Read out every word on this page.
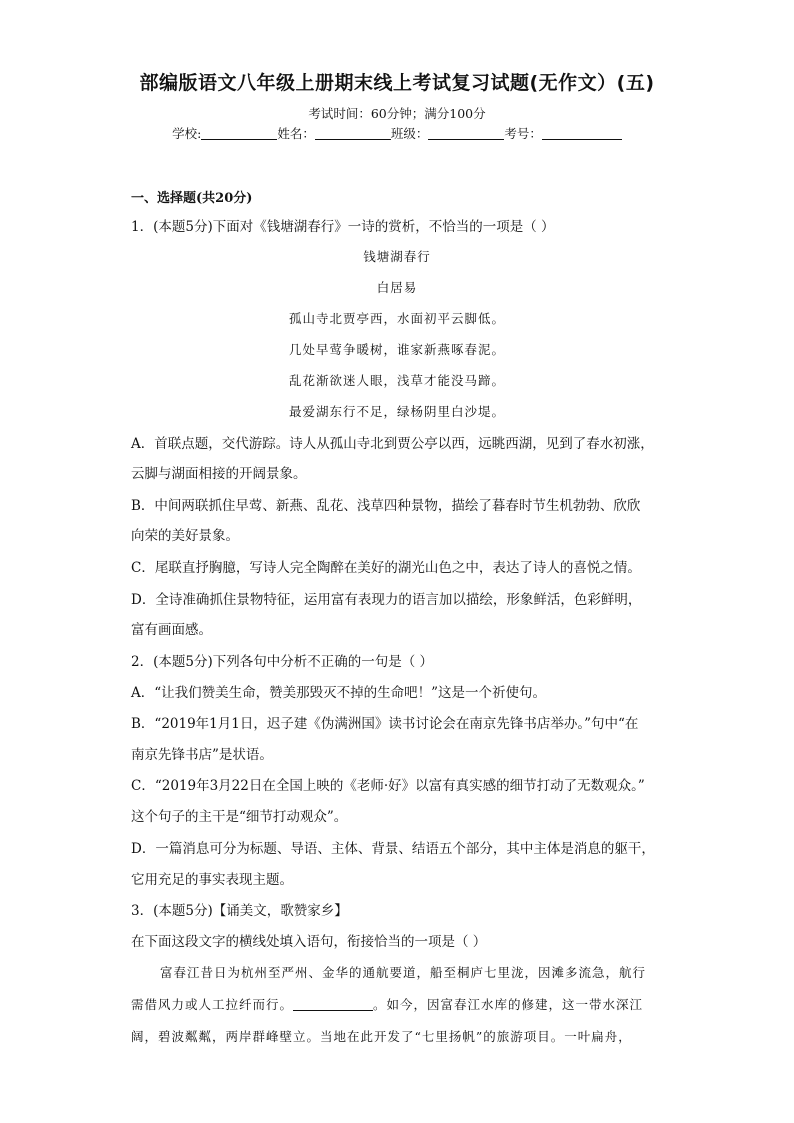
部编版语文八年级上册期末线上考试复习试题(无作文）(五)
考试时间：60分钟；满分100分
学校:	姓名：	班级：	考号：
一、选择题(共20分)
1．(本题5分)下面对《钱塘湖春行》一诗的赏析，不恰当的一项是（ ）
钱塘湖春行
白居易
孤山寺北贾亭西，水面初平云脚低。
几处早莺争暖树，谁家新燕啄春泥。
乱花渐欲迷人眼，浅草才能没马蹄。
最爱湖东行不足，绿杨阴里白沙堤。
A．首联点题，交代游踪。诗人从孤山寺北到贾公亭以西，远眺西湖，见到了春水初涨，
云脚与湖面相接的开阔景象。
B．中间两联抓住早莺、新燕、乱花、浅草四种景物，描绘了暮春时节生机勃勃、欣欣
向荣的美好景象。
C．尾联直抒胸臆，写诗人完全陶醉在美好的湖光山色之中，表达了诗人的喜悦之情。
D．全诗准确抓住景物特征，运用富有表现力的语言加以描绘，形象鲜活，色彩鲜明，
富有画面感。
2．(本题5分)下列各句中分析不正确的一句是（ ）
A．“让我们赞美生命，赞美那毁灭不掉的生命吧！”这是一个祈使句。
B．“2019年1月1日，迟子建《伪满洲国》读书讨论会在南京先锋书店举办。”句中“在
南京先锋书店”是状语。
C．“2019年3月22日在全国上映的《老师·好》以富有真实感的细节打动了无数观众。”
这个句子的主干是“细节打动观众”。
D．一篇消息可分为标题、导语、主体、背景、结语五个部分，其中主体是消息的躯干，
它用充足的事实表现主题。
3．(本题5分)【诵美文，歌赞家乡】
在下面这段文字的横线处填入语句，衔接恰当的一项是（ ）
富春江昔日为杭州至严州、金华的通航要道，船至桐庐七里泷，因滩多流急，航行
需借风力或人工拉纤而行。	。如今，因富春江水库的修建，这一带水深江
阔，碧波粼粼，两岸群峰壁立。当地在此开发了“七里扬帆”的旅游项目。一叶扁舟，
